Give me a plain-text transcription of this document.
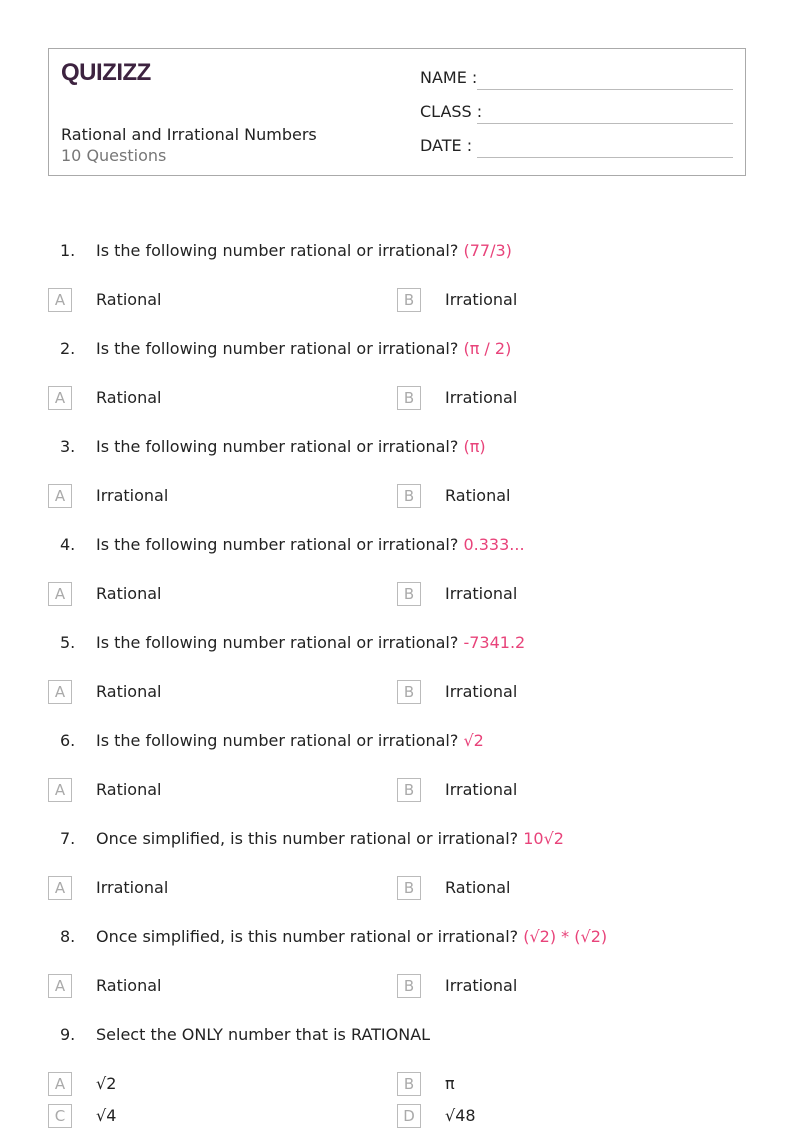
QUIZIZZ
Rational and Irrational Numbers
10 Questions
NAME :
CLASS :
DATE :
1. Is the following number rational or irrational? (77/3)
A	Rational	B	Irrational
2. Is the following number rational or irrational? (π / 2)
A	Rational	B	Irrational
3. Is the following number rational or irrational? (π)
A	Irrational	B	Rational
4. Is the following number rational or irrational? 0.333...
A	Rational	B	Irrational
5. Is the following number rational or irrational? -7341.2
A	Rational	B	Irrational
6. Is the following number rational or irrational? √2
A	Rational	B	Irrational
7. Once simplified, is this number rational or irrational? 10√2
A	Irrational	B	Rational
8. Once simplified, is this number rational or irrational? (√2) * (√2)
A	Rational	B	Irrational
9. Select the ONLY number that is RATIONAL
A	√2	B	π
C	√4	D	√48
